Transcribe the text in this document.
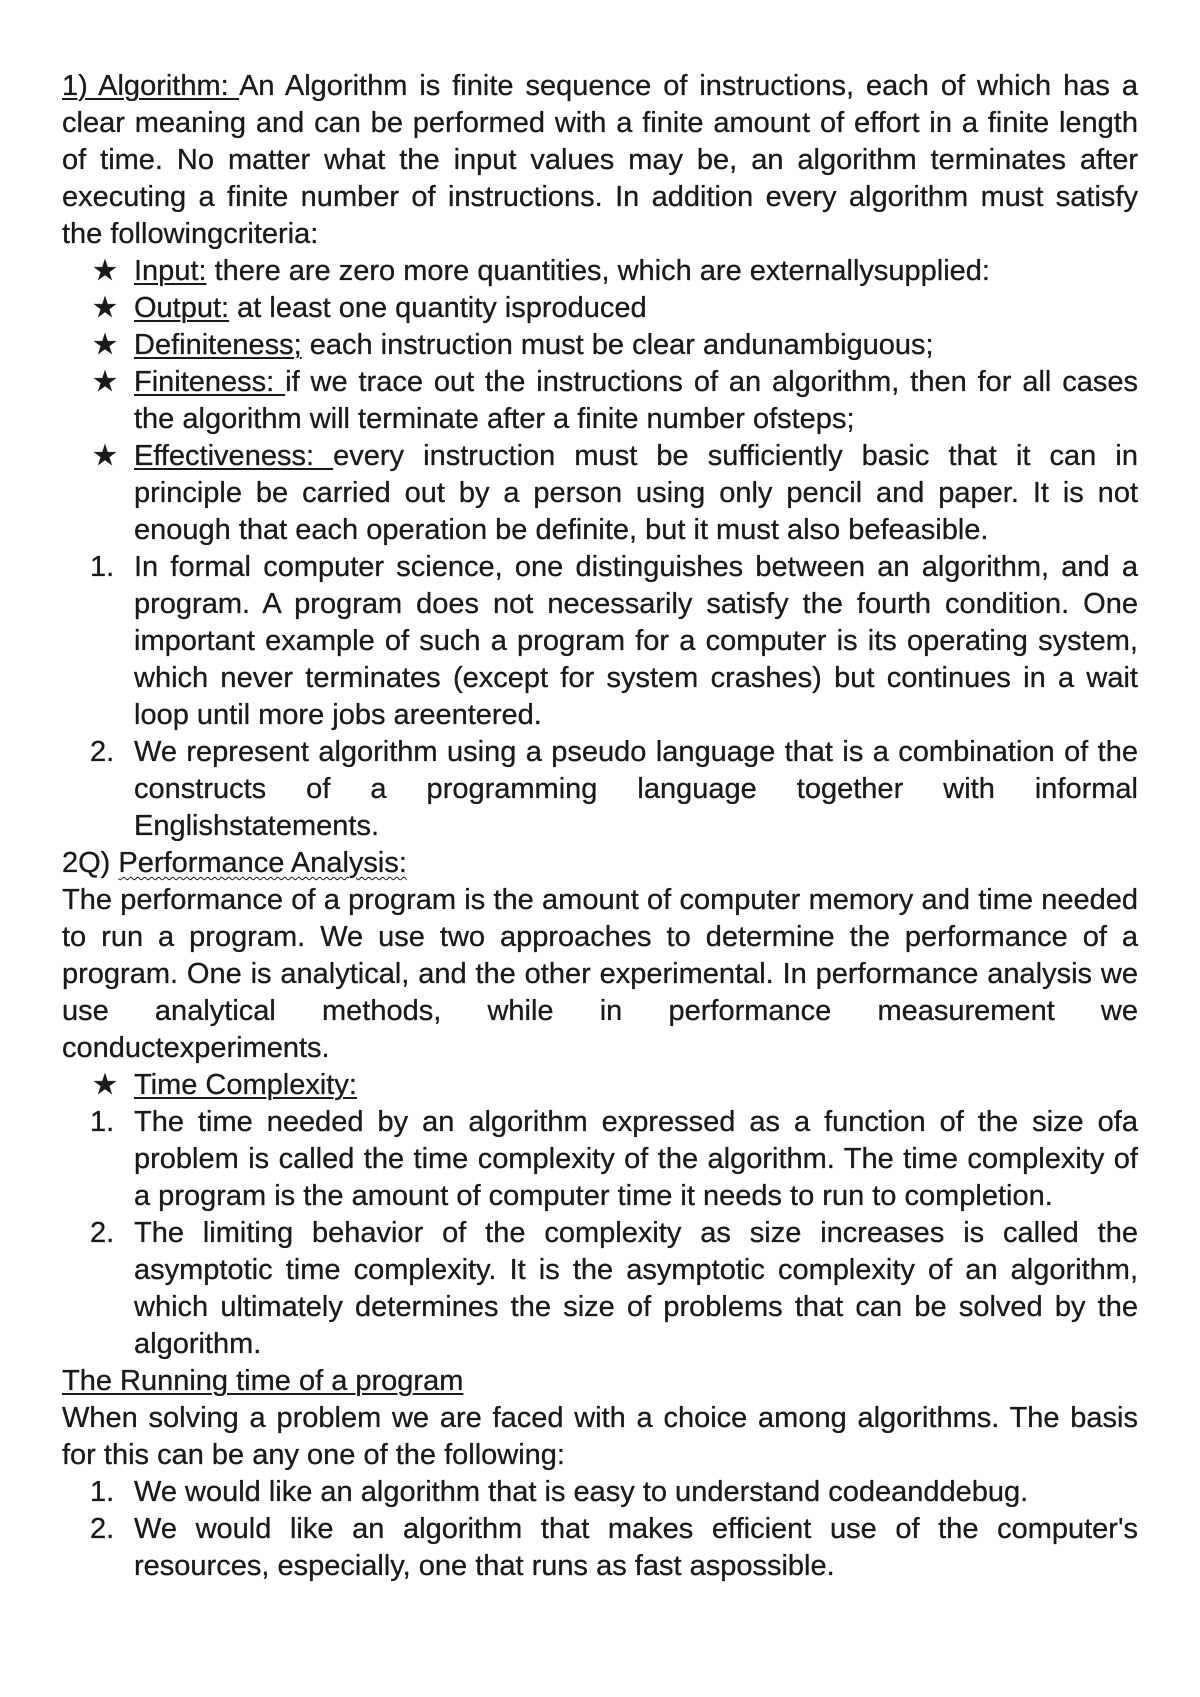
1) Algorithm: An Algorithm is finite sequence of instructions, each of which has a clear meaning and can be performed with a finite amount of effort in a finite length of time. No matter what the input values may be, an algorithm terminates after executing a finite number of instructions. In addition every algorithm must satisfy the followingcriteria:

★ Input: there are zero more quantities, which are externallysupplied:
★ Output: at least one quantity isproduced
★ Definiteness; each instruction must be clear andunambiguous;
★ Finiteness: if we trace out the instructions of an algorithm, then for all cases the algorithm will terminate after a finite number ofsteps;
★ Effectiveness: every instruction must be sufficiently basic that it can in principle be carried out by a person using only pencil and paper. It is not enough that each operation be definite, but it must also befeasible.
1. In formal computer science, one distinguishes between an algorithm, and a program. A program does not necessarily satisfy the fourth condition. One important example of such a program for a computer is its operating system, which never terminates (except for system crashes) but continues in a wait loop until more jobs areentered.
2. We represent algorithm using a pseudo language that is a combination of the constructs of a programming language together with informal Englishstatements.

2Q) Performance Analysis:

The performance of a program is the amount of computer memory and time needed to run a program. We use two approaches to determine the performance of a program. One is analytical, and the other experimental. In performance analysis we use analytical methods, while in performance measurement we conductexperiments.

★ Time Complexity:
1. The time needed by an algorithm expressed as a function of the size ofa problem is called the time complexity of the algorithm. The time complexity of a program is the amount of computer time it needs to run to completion.
2. The limiting behavior of the complexity as size increases is called the asymptotic time complexity. It is the asymptotic complexity of an algorithm, which ultimately determines the size of problems that can be solved by the algorithm.

The Running time of a program

When solving a problem we are faced with a choice among algorithms. The basis for this can be any one of the following:

1. We would like an algorithm that is easy to understand codeanddebug.
2. We would like an algorithm that makes efficient use of the computer's resources, especially, one that runs as fast aspossible.
